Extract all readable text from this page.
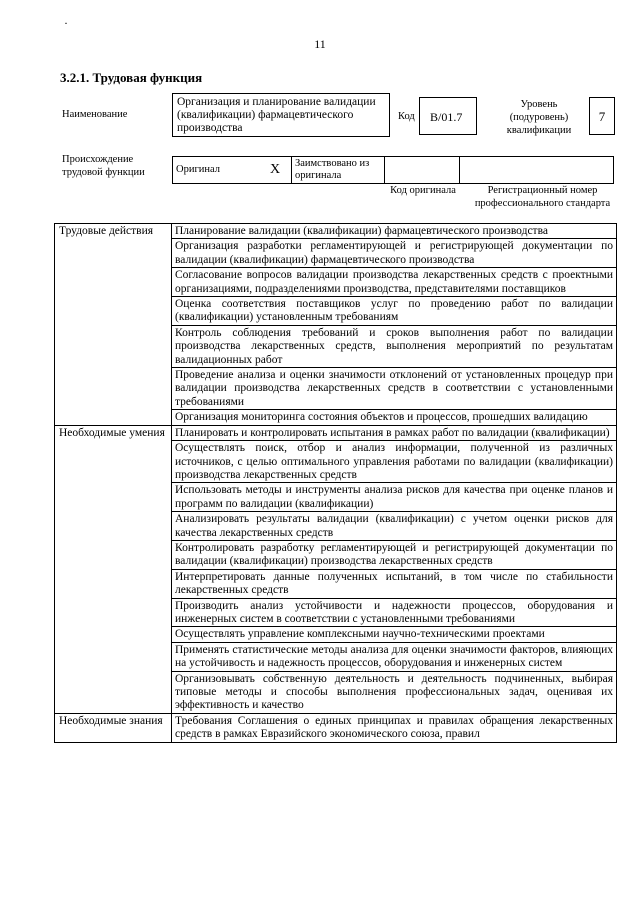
·
11
3.2.1. Трудовая функция
Наименование
Организация и планирование валидации (квалификации) фармацевтического производства
Код	B/01.7
Уровень (подуровень) квалификации
7
Происхождение трудовой функции	Оригинал	X	Заимствовано из оригинала		
Код оригинала	Регистрационный номер профессионального стандарта
Трудовые действия	Планирование валидации (квалификации) фармацевтического производства
	Организация разработки регламентирующей и регистрирующей документации по валидации (квалификации) фармацевтического производства
	Согласование вопросов валидации производства лекарственных средств с проектными организациями, подразделениями производства, представителями поставщиков
	Оценка соответствия поставщиков услуг по проведению работ по валидации (квалификации) установленным требованиям
	Контроль соблюдения требований и сроков выполнения работ по валидации производства лекарственных средств, выполнения мероприятий по результатам валидационных работ
	Проведение анализа и оценки значимости отклонений от установленных процедур при валидации производства лекарственных средств в соответствии с установленными требованиями
	Организация мониторинга состояния объектов и процессов, прошедших валидацию
Необходимые умения	Планировать и контролировать испытания в рамках работ по валидации (квалификации)
	Осуществлять поиск, отбор и анализ информации, полученной из различных источников, с целью оптимального управления работами по валидации (квалификации) производства лекарственных средств
	Использовать методы и инструменты анализа рисков для качества при оценке планов и программ по валидации (квалификации)
	Анализировать результаты валидации (квалификации) с учетом оценки рисков для качества лекарственных средств
	Контролировать разработку регламентирующей и регистрирующей документации по валидации (квалификации) производства лекарственных средств
	Интерпретировать данные полученных испытаний, в том числе по стабильности лекарственных средств
	Производить анализ устойчивости и надежности процессов, оборудования и инженерных систем в соответствии с установленными требованиями
	Осуществлять управление комплексными научно-техническими проектами
	Применять статистические методы анализа для оценки значимости факторов, влияющих на устойчивость и надежность процессов, оборудования и инженерных систем
	Организовывать собственную деятельность и деятельность подчиненных, выбирая типовые методы и способы выполнения профессиональных задач, оценивая их эффективность и качество
Необходимые знания	Требования Соглашения о единых принципах и правилах обращения лекарственных средств в рамках Евразийского экономического союза, правил
